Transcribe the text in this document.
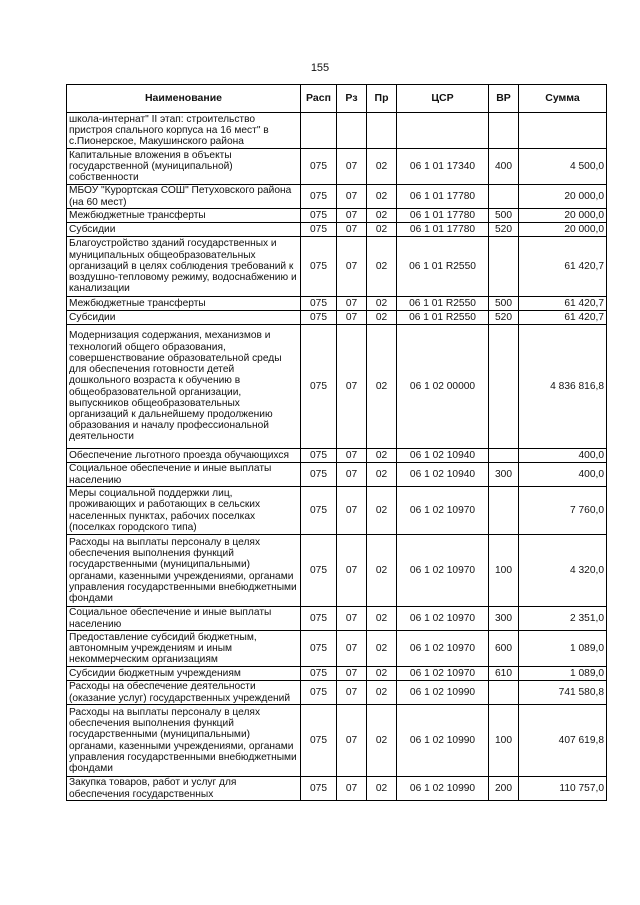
155
Наименование	Расп	Рз	Пр	ЦСР	ВР	Сумма
школа-интернат" II этап: строительство пристроя спального корпуса на 16 мест" в с.Пионерское, Макушинского района						
Капитальные вложения в объекты государственной (муниципальной) собственности	075	07	02	06 1 01 17340	400	4 500,0
МБОУ "Курортская СОШ" Петуховского района (на 60 мест)	075	07	02	06 1 01 17780		20 000,0
Межбюджетные трансферты	075	07	02	06 1 01 17780	500	20 000,0
Субсидии	075	07	02	06 1 01 17780	520	20 000,0
Благоустройство зданий государственных и муниципальных общеобразовательных организаций в целях соблюдения требований к воздушно-тепловому режиму, водоснабжению и канализации	075	07	02	06 1 01 R2550		61 420,7
Межбюджетные трансферты	075	07	02	06 1 01 R2550	500	61 420,7
Субсидии	075	07	02	06 1 01 R2550	520	61 420,7
Модернизация содержания, механизмов и технологий общего образования, совершенствование образовательной среды для обеспечения готовности детей дошкольного возраста к обучению в общеобразовательной организации, выпускников общеобразовательных организаций к дальнейшему продолжению образования и началу профессиональной деятельности	075	07	02	06 1 02 00000		4 836 816,8
Обеспечение льготного проезда обучающихся	075	07	02	06 1 02 10940		400,0
Социальное обеспечение и иные выплаты населению	075	07	02	06 1 02 10940	300	400,0
Меры социальной поддержки лиц, проживающих и работающих в сельских населенных пунктах, рабочих поселках (поселках городского типа)	075	07	02	06 1 02 10970		7 760,0
Расходы на выплаты персоналу в целях обеспечения выполнения функций государственными (муниципальными) органами, казенными учреждениями, органами управления государственными внебюджетными фондами	075	07	02	06 1 02 10970	100	4 320,0
Социальное обеспечение и иные выплаты населению	075	07	02	06 1 02 10970	300	2 351,0
Предоставление субсидий бюджетным, автономным учреждениям и иным некоммерческим организациям	075	07	02	06 1 02 10970	600	1 089,0
Субсидии бюджетным учреждениям	075	07	02	06 1 02 10970	610	1 089,0
Расходы на обеспечение деятельности (оказание услуг) государственных учреждений	075	07	02	06 1 02 10990		741 580,8
Расходы на выплаты персоналу в целях обеспечения выполнения функций государственными (муниципальными) органами, казенными учреждениями, органами управления государственными внебюджетными фондами	075	07	02	06 1 02 10990	100	407 619,8
Закупка товаров, работ и услуг для обеспечения государственных	075	07	02	06 1 02 10990	200	110 757,0
